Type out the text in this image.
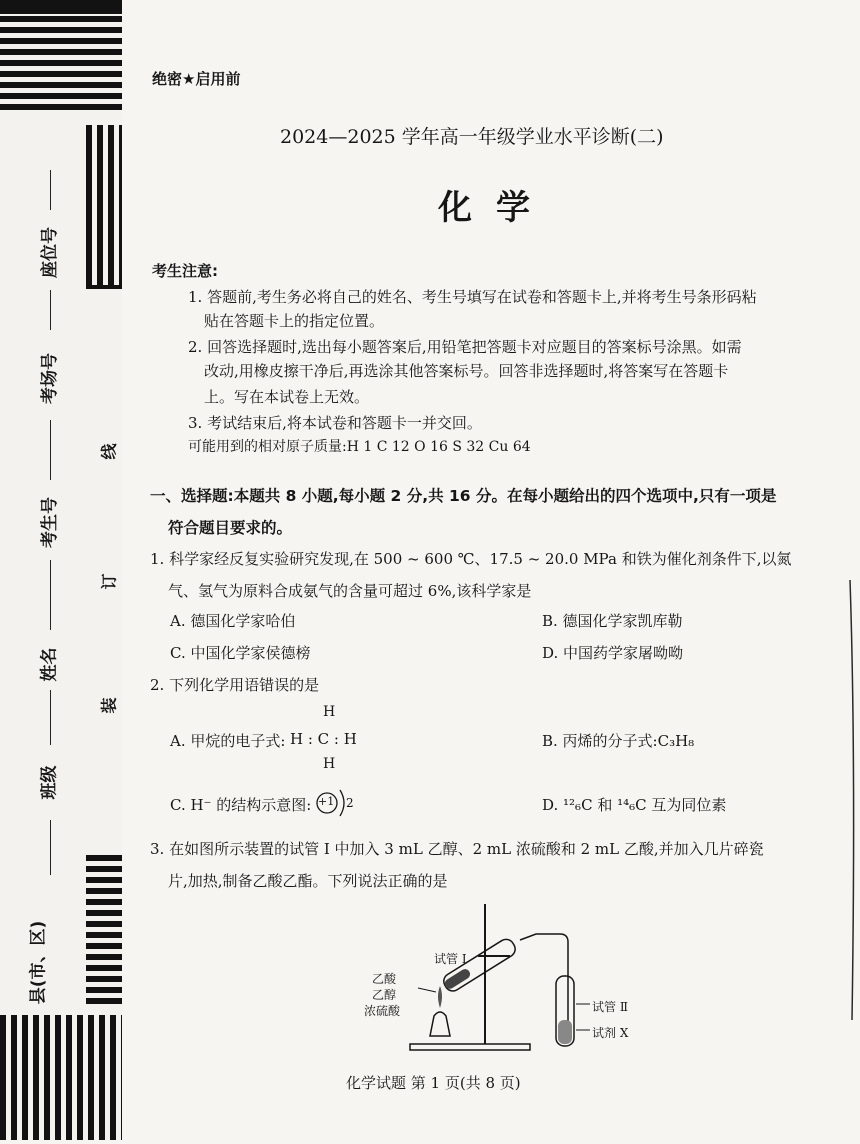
座位号
考场号
考生号
姓名
班级
县(市、区)
线
订
装
绝密★启用前
2024—2025 学年高一年级学业水平诊断(二)
化学
考生注意:
1. 答题前,考生务必将自己的姓名、考生号填写在试卷和答题卡上,并将考生号条形码粘
贴在答题卡上的指定位置。
2. 回答选择题时,选出每小题答案后,用铅笔把答题卡对应题目的答案标号涂黑。如需
改动,用橡皮擦干净后,再选涂其他答案标号。回答非选择题时,将答案写在答题卡
上。写在本试卷上无效。
3. 考试结束后,将本试卷和答题卡一并交回。
可能用到的相对原子质量:H 1 C 12 O 16 S 32 Cu 64
一、选择题:本题共 8 小题,每小题 2 分,共 16 分。在每小题给出的四个选项中,只有一项是
符合题目要求的。
1. 科学家经反复实验研究发现,在 500 ~ 600 ℃、17.5 ~ 20.0 MPa 和铁为催化剂条件下,以氮
气、氢气为原料合成氨气的含量可超过 6%,该科学家是
A. 德国化学家哈伯	B. 德国化学家凯库勒
C. 中国化学家侯德榜	D. 中国药学家屠呦呦
2. 下列化学用语错误的是
A. 甲烷的电子式:
H
H : C : H
H
B. 丙烯的分子式:C₃H₈
C. H⁻ 的结构示意图: +1 2	D. ¹²₆C 和 ¹⁴₆C 互为同位素
3. 在如图所示装置的试管 Ⅰ 中加入 3 mL 乙醇、2 mL 浓硫酸和 2 mL 乙酸,并加入几片碎瓷
片,加热,制备乙酸乙酯。下列说法正确的是
试管 Ⅰ
乙酸
乙醇
浓硫酸	试管 Ⅱ
试剂 X
化学试题 第 1 页(共 8 页)
